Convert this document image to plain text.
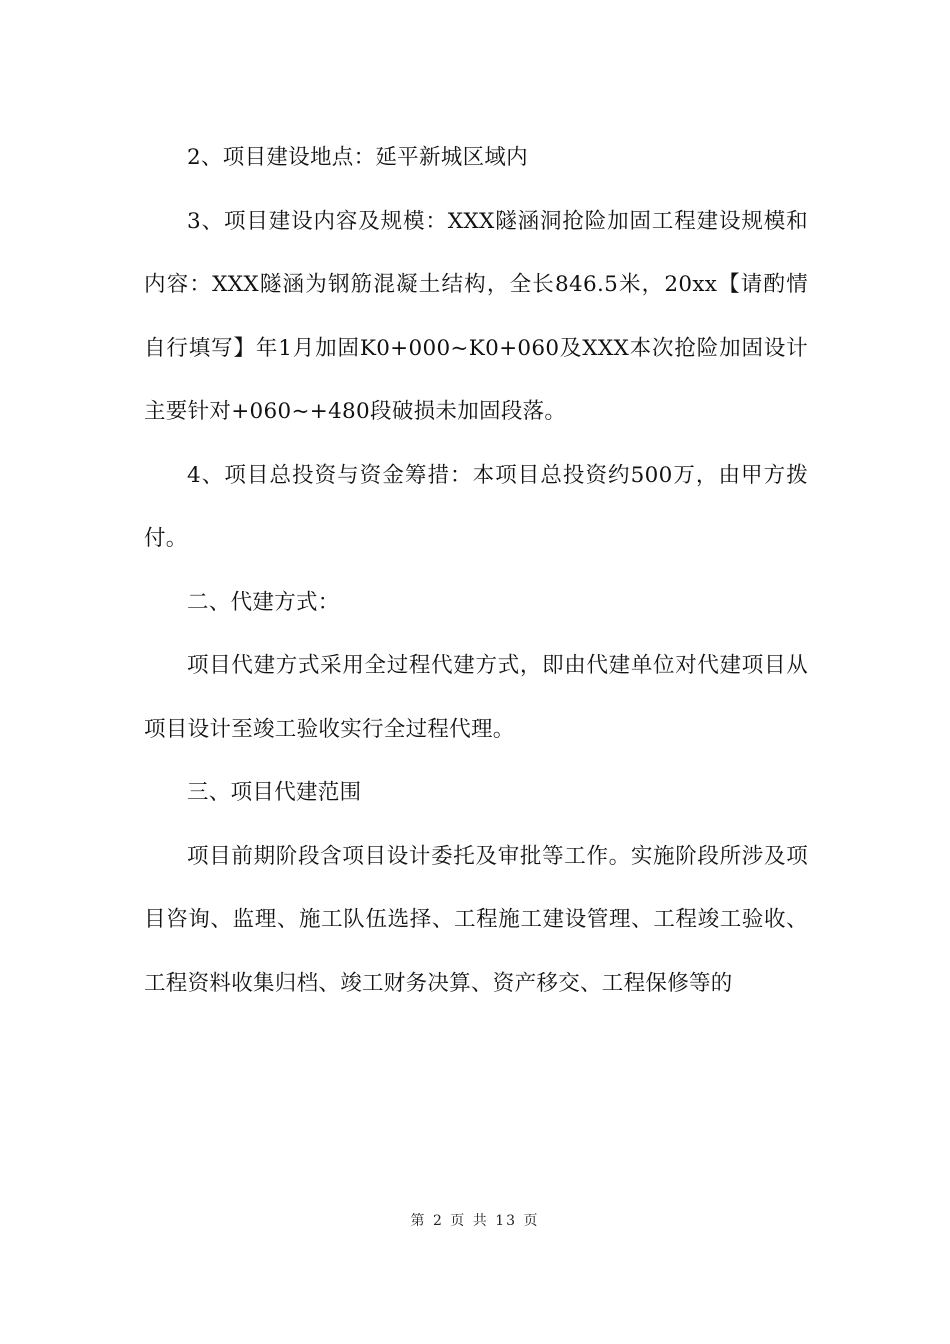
2、项目建设地点：延平新城区域内

3、项目建设内容及规模：XXX隧涵洞抢险加固工程建设规模和内容：XXX隧涵为钢筋混凝土结构，全长846.5米，20xx【请酌情自行填写】年1月加固K0+000~K0+060及XXX本次抢险加固设计主要针对+060~+480段破损未加固段落。

4、项目总投资与资金筹措：本项目总投资约500万，由甲方拨付。

二、代建方式：

项目代建方式采用全过程代建方式，即由代建单位对代建项目从项目设计至竣工验收实行全过程代理。

三、项目代建范围

项目前期阶段含项目设计委托及审批等工作。实施阶段所涉及项目咨询、监理、施工队伍选择、工程施工建设管理、工程竣工验收、工程资料收集归档、竣工财务决算、资产移交、工程保修等的

第 2 页 共 13 页
